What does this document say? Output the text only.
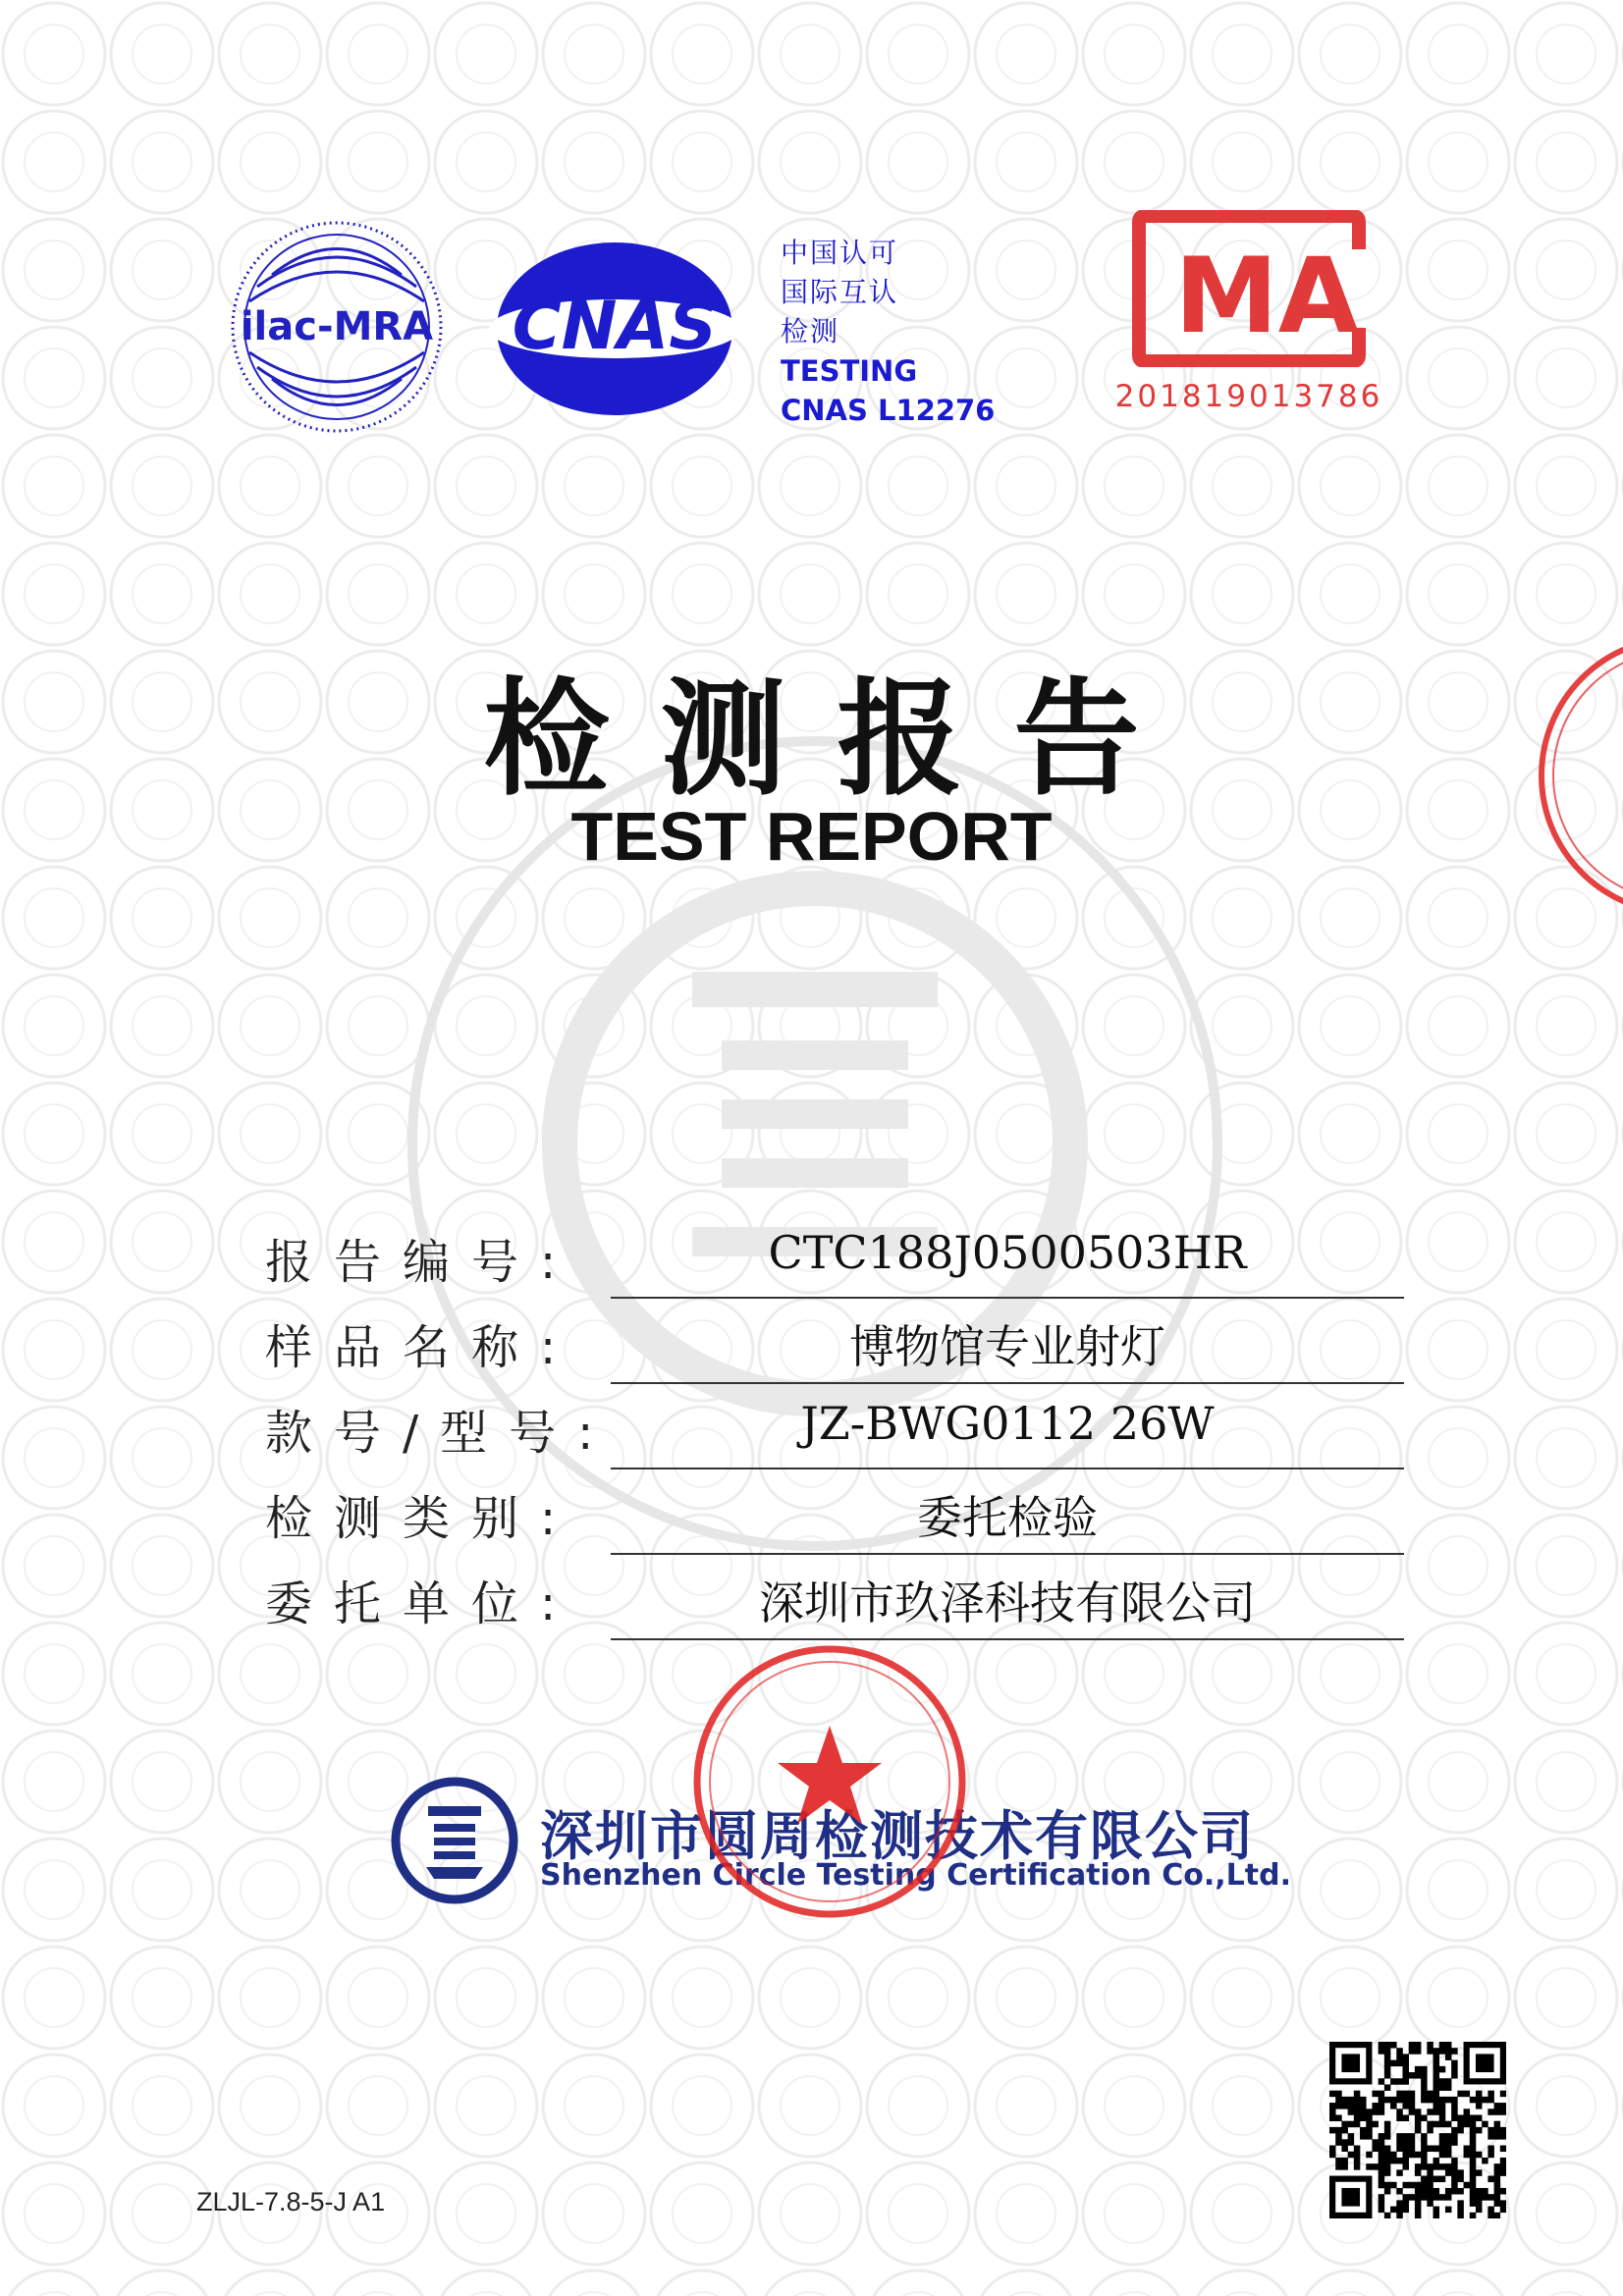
ilac-MRA CNAS
中国认可
国际互认
检测
TESTING
CNAS L12276
MA
201819013786
检测报告
TEST REPORT
报告编号:	CTC188J0500503HR
样品名称:	博物馆专业射灯
款号/型号:	JZ-BWG0112 26W
检测类别:	委托检验
委托单位:	深圳市玖泽科技有限公司
深圳市圆周检测技术有限公司
Shenzhen Circle Testing Certification Co.,Ltd.
ZLJL-7.8-5-J A1
